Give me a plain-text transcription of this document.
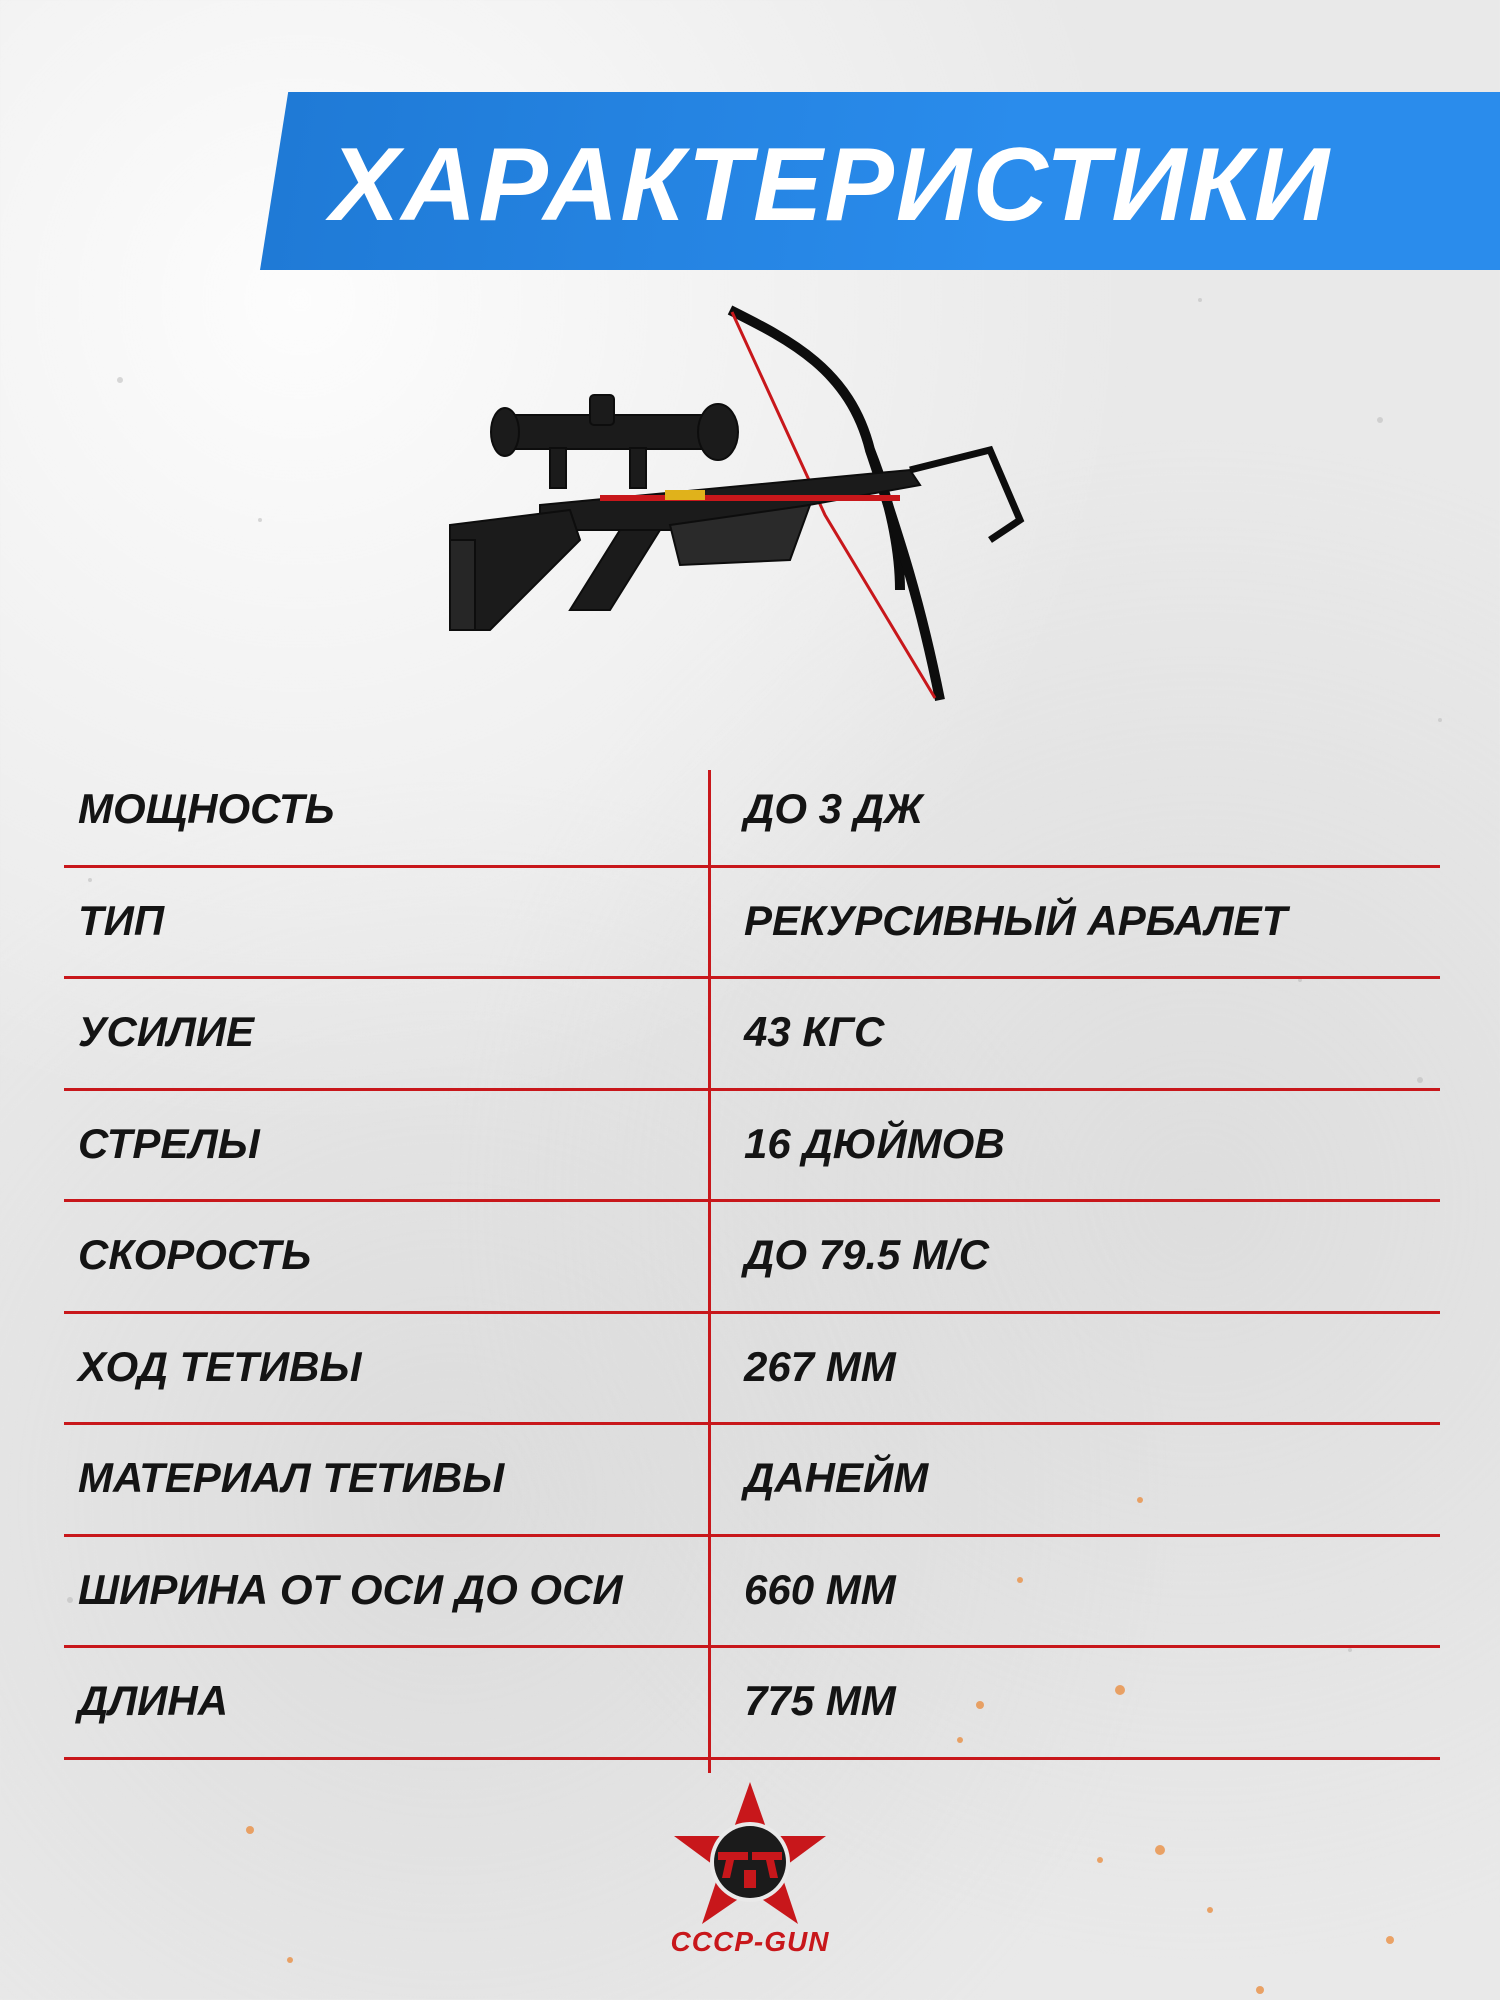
ХАРАКТЕРИСТИКИ
МОЩНОСТЬ	ДО 3 ДЖ
ТИП	РЕКУРСИВНЫЙ АРБАЛЕТ
УСИЛИЕ	43 КГС
СТРЕЛЫ	16 ДЮЙМОВ
СКОРОСТЬ	ДО 79.5 М/С
ХОД ТЕТИВЫ	267 ММ
МАТЕРИАЛ ТЕТИВЫ	ДАНЕЙМ
ШИРИНА ОТ ОСИ ДО ОСИ	660 ММ
ДЛИНА	775 ММ
СССР-GUN
